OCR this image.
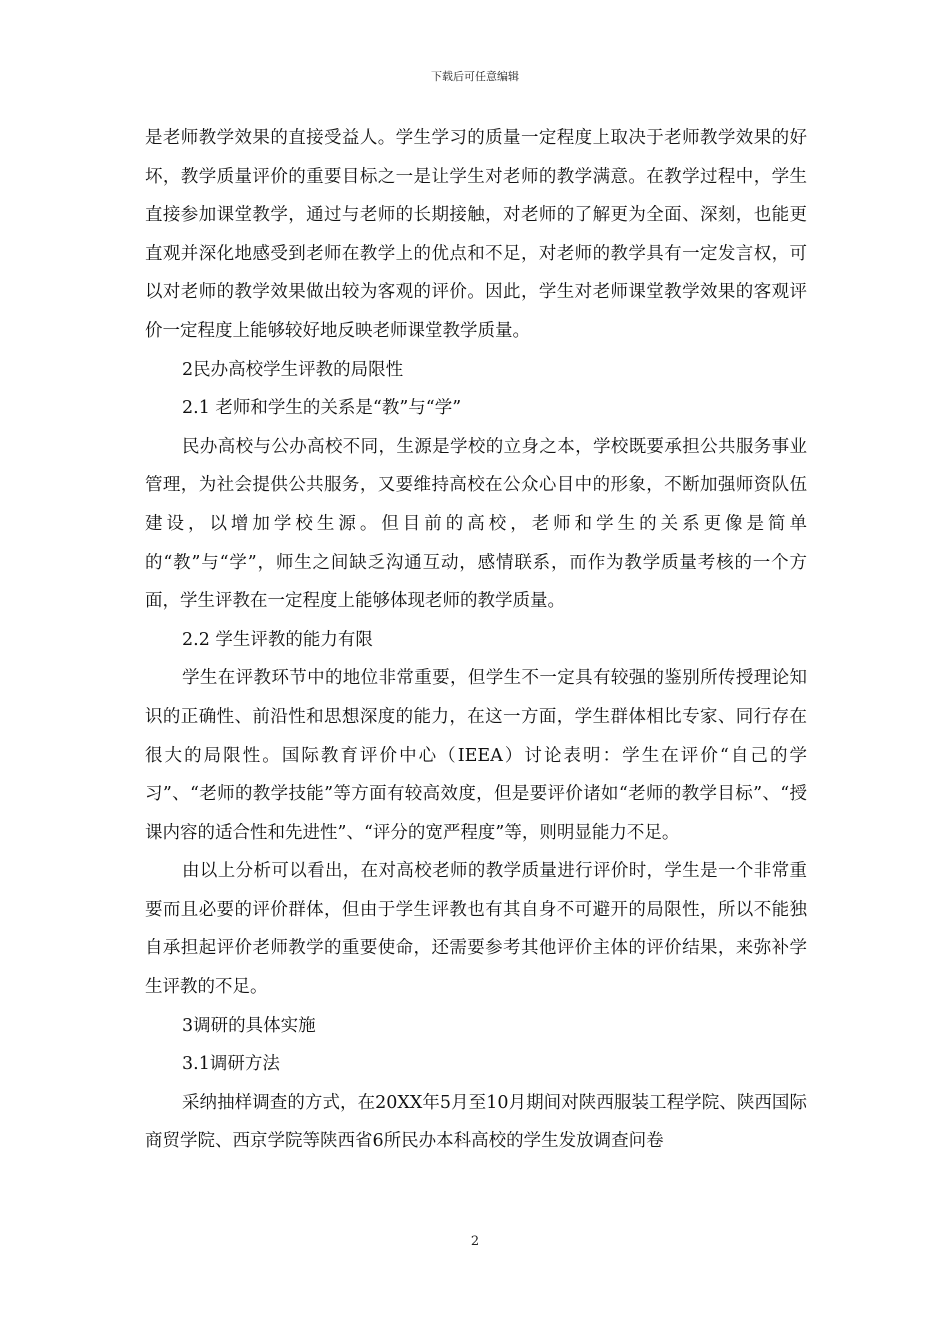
下载后可任意编辑

是老师教学效果的直接受益人。学生学习的质量一定程度上取决于老师教学效果的好坏，教学质量评价的重要目标之一是让学生对老师的教学满意。在教学过程中，学生直接参加课堂教学，通过与老师的长期接触，对老师的了解更为全面、深刻，也能更直观并深化地感受到老师在教学上的优点和不足，对老师的教学具有一定发言权，可以对老师的教学效果做出较为客观的评价。因此，学生对老师课堂教学效果的客观评价一定程度上能够较好地反映老师课堂教学质量。

2民办高校学生评教的局限性

2.1 老师和学生的关系是“教”与“学”

民办高校与公办高校不同，生源是学校的立身之本，学校既要承担公共服务事业管理，为社会提供公共服务，又要维持高校在公众心目中的形象，不断加强师资队伍建设，以增加学校生源。但目前的高校，老师和学生的关系更像是简单的“教”与“学”，师生之间缺乏沟通互动，感情联系，而作为教学质量考核的一个方面，学生评教在一定程度上能够体现老师的教学质量。

2.2 学生评教的能力有限

学生在评教环节中的地位非常重要，但学生不一定具有较强的鉴别所传授理论知识的正确性、前沿性和思想深度的能力，在这一方面，学生群体相比专家、同行存在很大的局限性。国际教育评价中心（IEEA）讨论表明：学生在评价“自己的学习”、“老师的教学技能”等方面有较高效度，但是要评价诸如“老师的教学目标”、“授课内容的适合性和先进性”、“评分的宽严程度”等，则明显能力不足。

由以上分析可以看出，在对高校老师的教学质量进行评价时，学生是一个非常重要而且必要的评价群体，但由于学生评教也有其自身不可避开的局限性，所以不能独自承担起评价老师教学的重要使命，还需要参考其他评价主体的评价结果，来弥补学生评教的不足。

3调研的具体实施

3.1调研方法

采纳抽样调查的方式，在20XX年5月至10月期间对陕西服装工程学院、陕西国际商贸学院、西京学院等陕西省6所民办本科高校的学生发放调查问卷

2
